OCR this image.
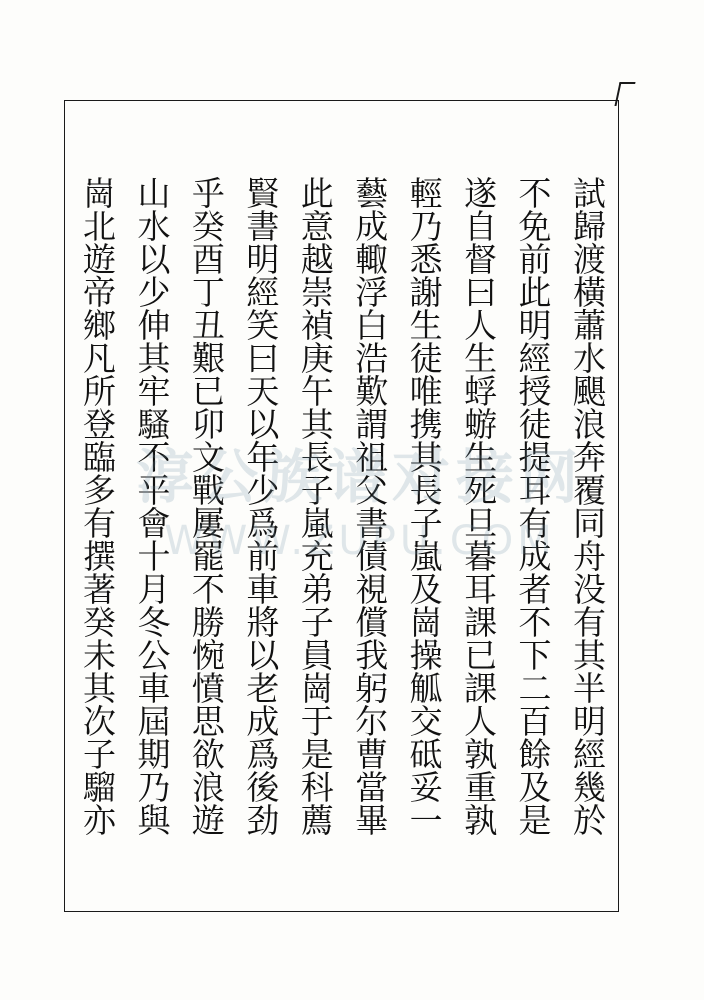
試歸渡橫蕭水颶浪奔覆同舟没有其半明經幾於
不免前此明經授徒提耳有成者不下二百餘及是
遂自督曰人生蜉蝣生死旦暮耳課已課人孰重孰
輕乃悉謝生徒唯携其長子嵐及崗操觚交砥妥一
藝成輙浮白浩歎謂祖父書債視償我躬尔曹當畢
此意越崇禎庚午其長子嵐充弟子員崗于是科薦
賢書明經笑曰天以年少爲前車將以老成爲後劲
乎癸酉丁丑艱已卯文戰屢罷不勝惋憤思欲浪遊
山水以少伸其牢騷不平會十月冬公車屆期乃與
崗北遊帝鄉凡所登臨多有撰著癸未其次子騮亦 淳公族谱对接网
WWW.ZUPU.COM
